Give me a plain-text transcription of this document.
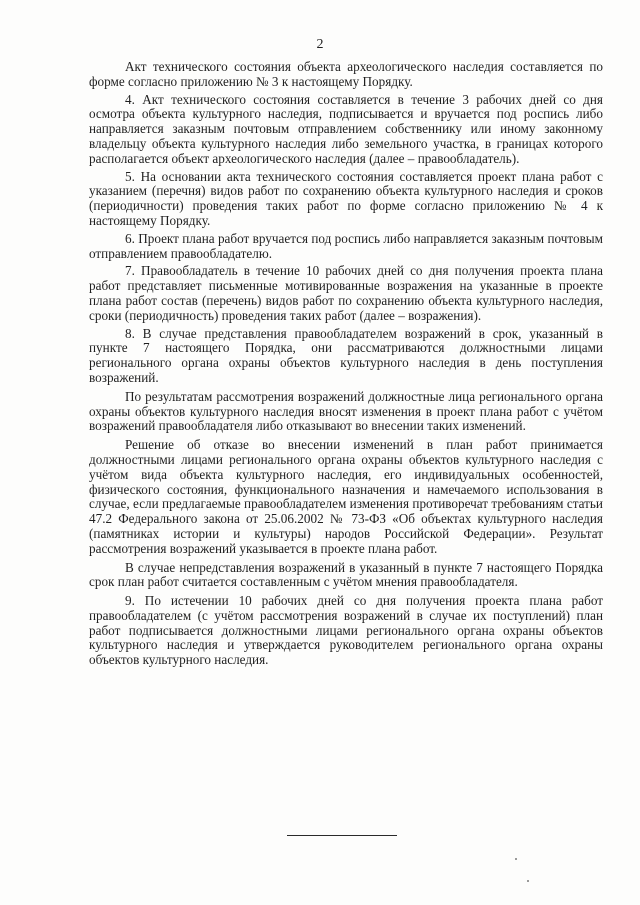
2

Акт технического состояния объекта археологического наследия составляется по форме согласно приложению № 3 к настоящему Порядку.

4. Акт технического состояния составляется в течение 3 рабочих дней со дня осмотра объекта культурного наследия, подписывается и вручается под роспись либо направляется заказным почтовым отправлением собственнику или иному законному владельцу объекта культурного наследия либо земельного участка, в границах которого располагается объект археологического наследия (далее – правообладатель).

5. На основании акта технического состояния составляется проект плана работ с указанием (перечня) видов работ по сохранению объекта культурного наследия и сроков (периодичности) проведения таких работ по форме согласно приложению № 4 к настоящему Порядку.

6. Проект плана работ вручается под роспись либо направляется заказным почтовым отправлением правообладателю.

7. Правообладатель в течение 10 рабочих дней со дня получения проекта плана работ представляет письменные мотивированные возражения на указанные в проекте плана работ состав (перечень) видов работ по сохранению объекта культурного наследия, сроки (периодичность) проведения таких работ (далее – возражения).

8. В случае представления правообладателем возражений в срок, указанный в пункте 7 настоящего Порядка, они рассматриваются должностными лицами регионального органа охраны объектов культурного наследия в день поступления возражений.

По результатам рассмотрения возражений должностные лица регионального органа охраны объектов культурного наследия вносят изменения в проект плана работ с учётом возражений правообладателя либо отказывают во внесении таких изменений.

Решение об отказе во внесении изменений в план работ принимается должностными лицами регионального органа охраны объектов культурного наследия с учётом вида объекта культурного наследия, его индивидуальных особенностей, физического состояния, функционального назначения и намечаемого использования в случае, если предлагаемые правообладателем изменения противоречат требованиям статьи 47.2 Федерального закона от 25.06.2002 № 73-ФЗ «Об объектах культурного наследия (памятниках истории и культуры) народов Российской Федерации». Результат рассмотрения возражений указывается в проекте плана работ.

В случае непредставления возражений в указанный в пункте 7 настоящего Порядка срок план работ считается составленным с учётом мнения правообладателя.

9. По истечении 10 рабочих дней со дня получения проекта плана работ правообладателем (с учётом рассмотрения возражений в случае их поступлений) план работ подписывается должностными лицами регионального органа охраны объектов культурного наследия и утверждается руководителем регионального органа охраны объектов культурного наследия.
